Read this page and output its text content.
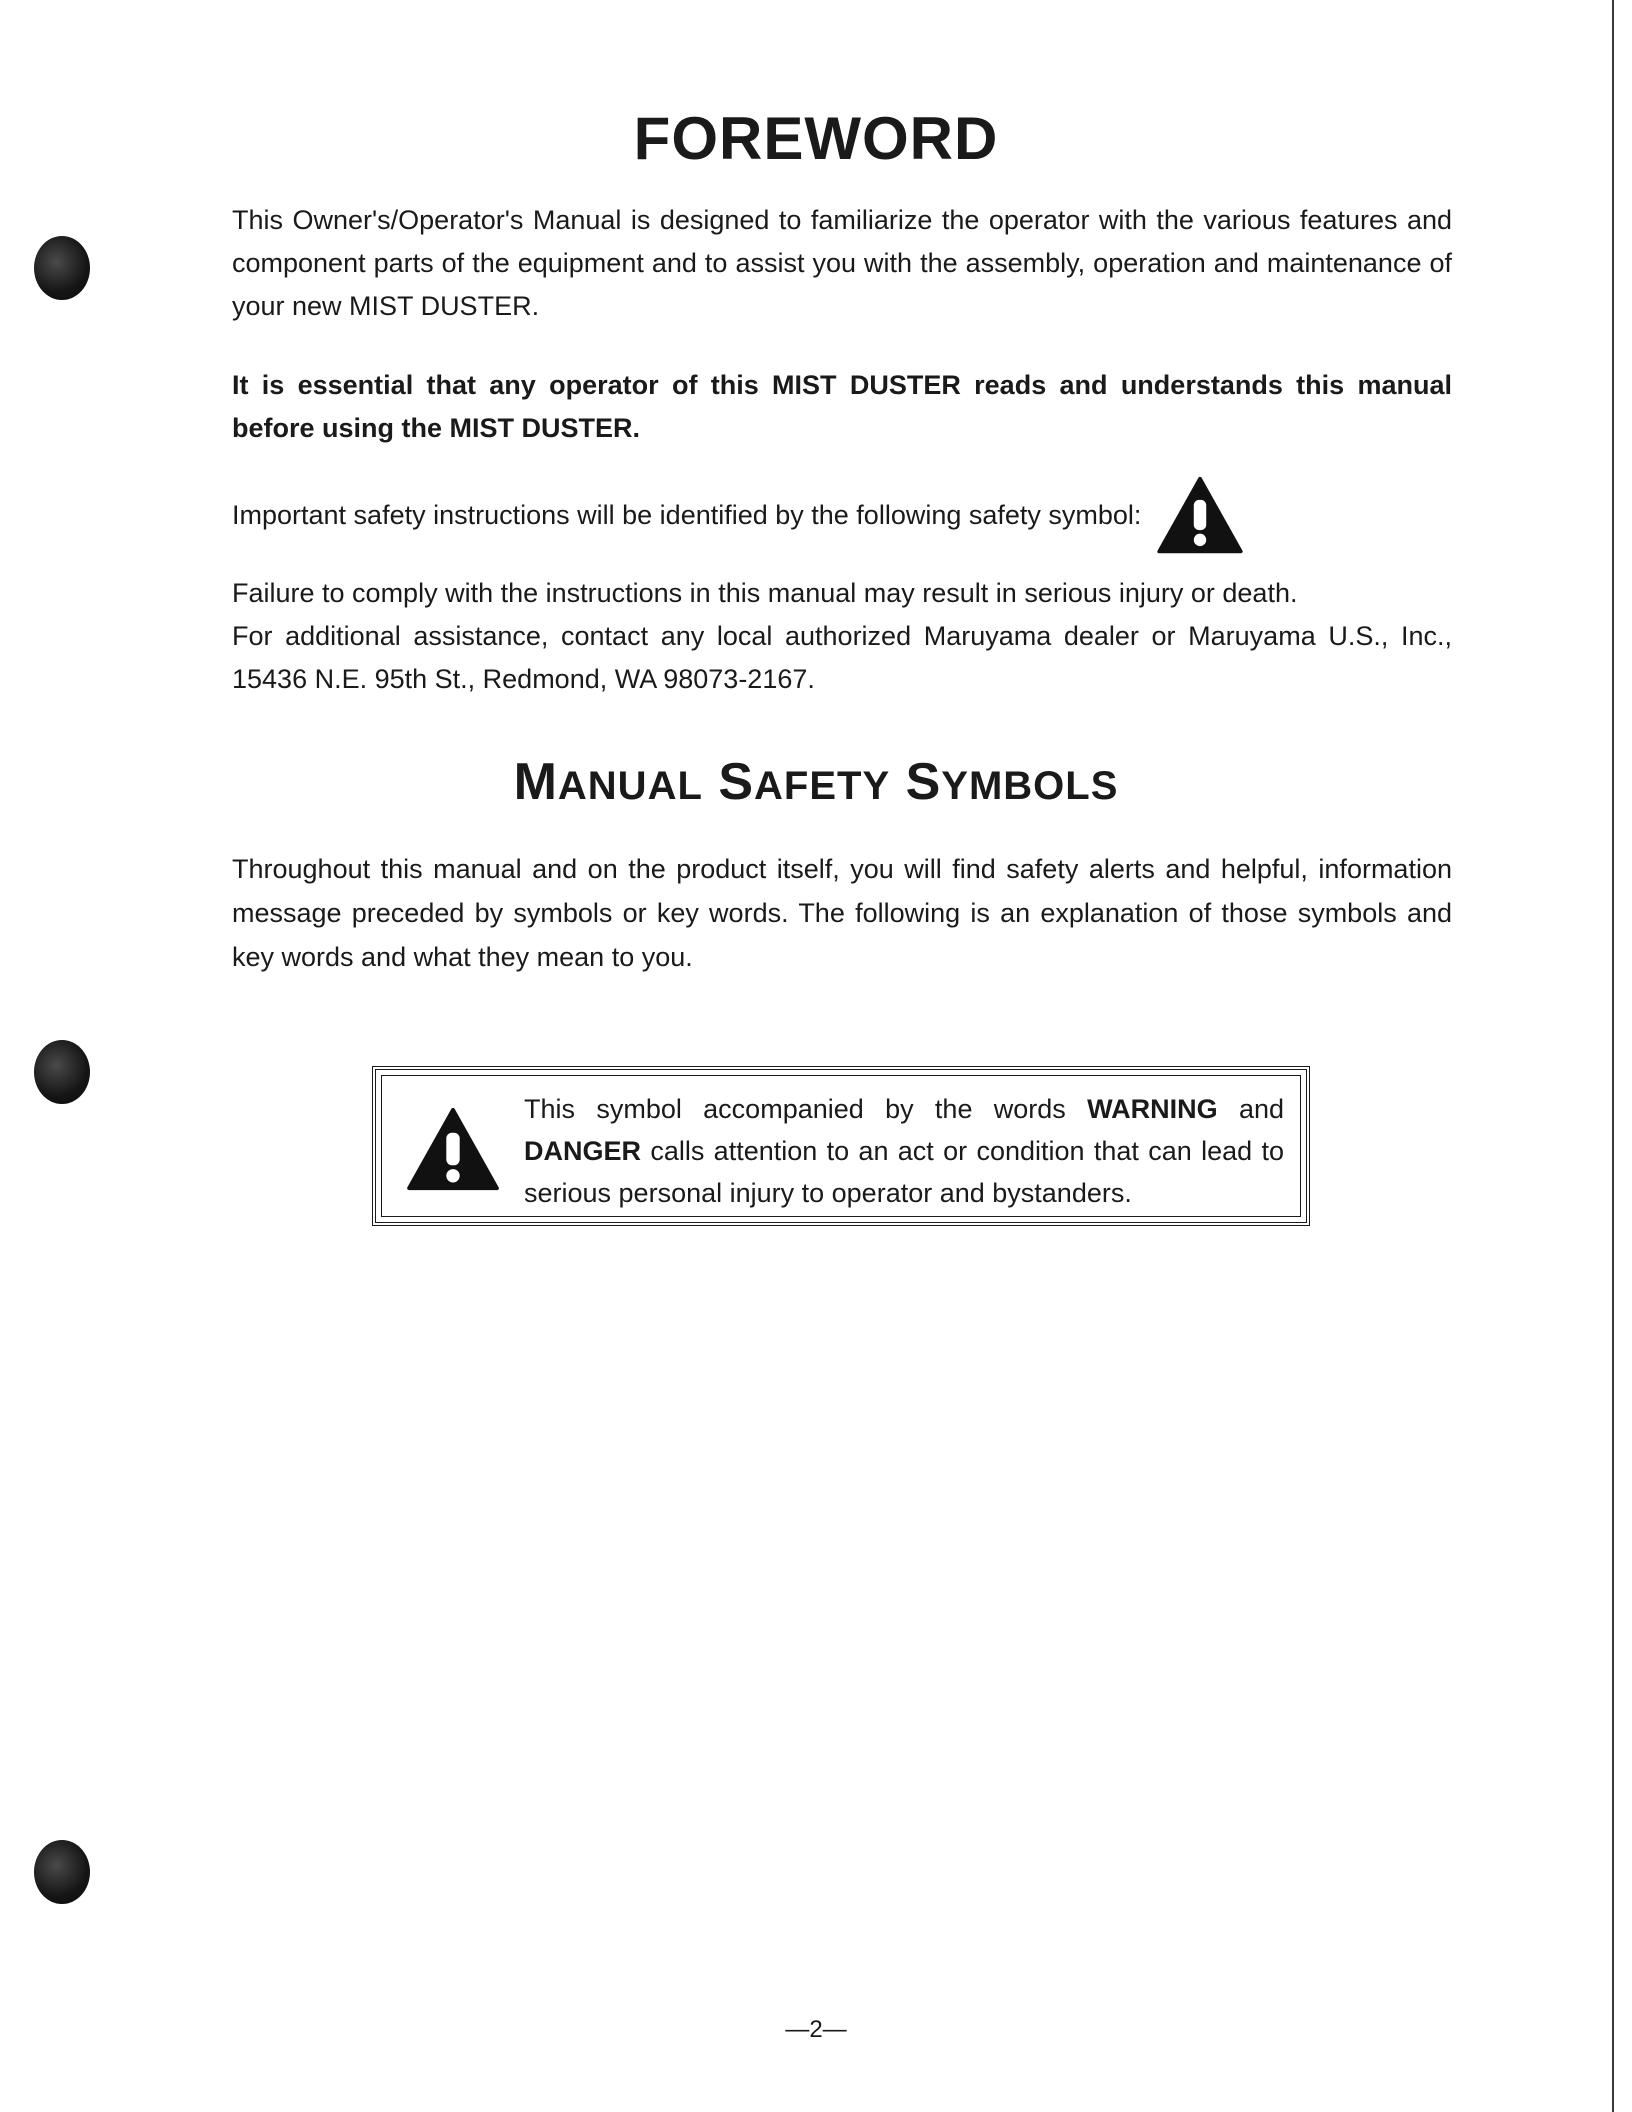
FOREWORD
This Owner's/Operator's Manual is designed to familiarize the operator with the various features and component parts of the equipment and to assist you with the assembly, operation and maintenance of your new MIST DUSTER.
It is essential that any operator of this MIST DUSTER reads and understands this manual before using the MIST DUSTER.
Important safety instructions will be identified by the following safety symbol:
Failure to comply with the instructions in this manual may result in serious injury or death.
For additional assistance, contact any local authorized Maruyama dealer or Maruyama U.S., Inc., 15436 N.E. 95th St., Redmond, WA 98073-2167.
MANUAL SAFETY SYMBOLS
Throughout this manual and on the product itself, you will find safety alerts and helpful, information message preceded by symbols or key words. The following is an explanation of those symbols and key words and what they mean to you.
This symbol accompanied by the words WARNING and DANGER calls attention to an act or condition that can lead to serious personal injury to operator and bystanders.
—2—
